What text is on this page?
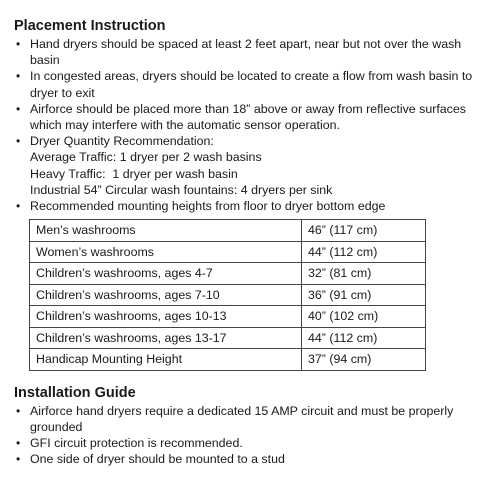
Placement Instruction
• Hand dryers should be spaced at least 2 feet apart, near but not over the wash basin
• In congested areas, dryers should be located to create a flow from wash basin to dryer to exit
• Airforce should be placed more than 18” above or away from reflective surfaces which may interfere with the automatic sensor operation.
• Dryer Quantity Recommendation:
Average Traffic: 1 dryer per 2 wash basins
Heavy Traffic:  1 dryer per wash basin
Industrial 54” Circular wash fountains: 4 dryers per sink
• Recommended mounting heights from floor to dryer bottom edge
Men’s washrooms	46” (117 cm)
Women’s washrooms	44” (112 cm)
Children’s washrooms, ages 4-7	32” (81 cm)
Children’s washrooms, ages 7-10	36” (91 cm)
Children’s washrooms, ages 10-13	40” (102 cm)
Children’s washrooms, ages 13-17	44” (112 cm)
Handicap Mounting Height	37” (94 cm)
Installation Guide
• Airforce hand dryers require a dedicated 15 AMP circuit and must be properly grounded
• GFI circuit protection is recommended.
• One side of dryer should be mounted to a stud
